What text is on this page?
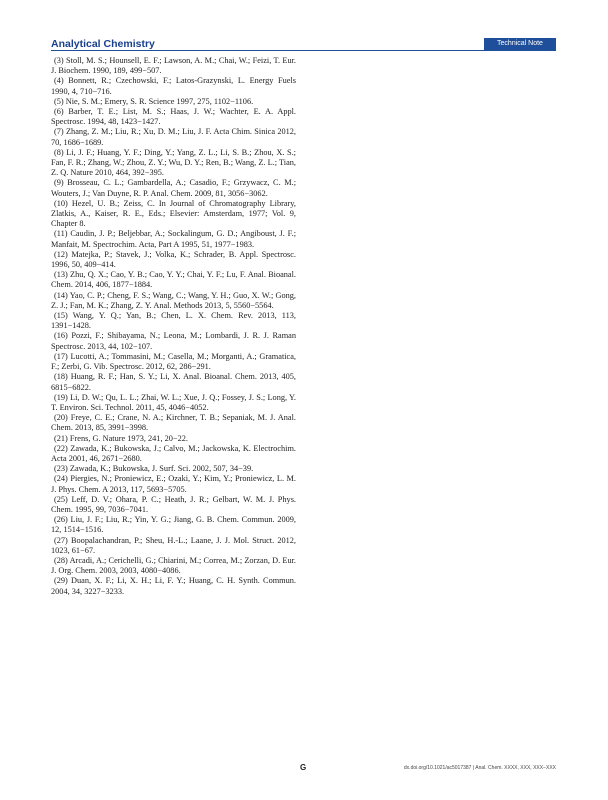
Analytical Chemistry	Technical Note

(3) Stoll, M. S.; Hounsell, E. F.; Lawson, A. M.; Chai, W.; Feizi, T. Eur. J. Biochem. 1990, 189, 499−507.

(4) Bonnett, R.; Czechowski, F.; Latos-Grazynski, L. Energy Fuels 1990, 4, 710−716.

(5) Nie, S. M.; Emery, S. R. Science 1997, 275, 1102−1106.

(6) Barber, T. E.; List, M. S.; Haas, J. W.; Wachter, E. A. Appl. Spectrosc. 1994, 48, 1423−1427.

(7) Zhang, Z. M.; Liu, R.; Xu, D. M.; Liu, J. F. Acta Chim. Sinica 2012, 70, 1686−1689.

(8) Li, J. F.; Huang, Y. F.; Ding, Y.; Yang, Z. L.; Li, S. B.; Zhou, X. S.; Fan, F. R.; Zhang, W.; Zhou, Z. Y.; Wu, D. Y.; Ren, B.; Wang, Z. L.; Tian, Z. Q. Nature 2010, 464, 392−395.

(9) Brosseau, C. L.; Gambardella, A.; Casadio, F.; Grzywacz, C. M.; Wouters, J.; Van Duyne, R. P. Anal. Chem. 2009, 81, 3056−3062.

(10) Hezel, U. B.; Zeiss, C. In Journal of Chromatography Library, Zlatkis, A., Kaiser, R. E., Eds.; Elsevier: Amsterdam, 1977; Vol. 9, Chapter 8.

(11) Caudin, J. P.; Beljebbar, A.; Sockalingum, G. D.; Angiboust, J. F.; Manfait, M. Spectrochim. Acta, Part A 1995, 51, 1977−1983.

(12) Matejka, P.; Stavek, J.; Volka, K.; Schrader, B. Appl. Spectrosc. 1996, 50, 409−414.

(13) Zhu, Q. X.; Cao, Y. B.; Cao, Y. Y.; Chai, Y. F.; Lu, F. Anal. Bioanal. Chem. 2014, 406, 1877−1884.

(14) Yao, C. P.; Cheng, F. S.; Wang, C.; Wang, Y. H.; Guo, X. W.; Gong, Z. J.; Fan, M. K.; Zhang, Z. Y. Anal. Methods 2013, 5, 5560−5564.

(15) Wang, Y. Q.; Yan, B.; Chen, L. X. Chem. Rev. 2013, 113, 1391−1428.

(16) Pozzi, F.; Shibayama, N.; Leona, M.; Lombardi, J. R. J. Raman Spectrosc. 2013, 44, 102−107.

(17) Lucotti, A.; Tommasini, M.; Casella, M.; Morganti, A.; Gramatica, F.; Zerbi, G. Vib. Spectrosc. 2012, 62, 286−291.

(18) Huang, R. F.; Han, S. Y.; Li, X. Anal. Bioanal. Chem. 2013, 405, 6815−6822.

(19) Li, D. W.; Qu, L. L.; Zhai, W. L.; Xue, J. Q.; Fossey, J. S.; Long, Y. T. Environ. Sci. Technol. 2011, 45, 4046−4052.

(20) Freye, C. E.; Crane, N. A.; Kirchner, T. B.; Sepaniak, M. J. Anal. Chem. 2013, 85, 3991−3998.

(21) Frens, G. Nature 1973, 241, 20−22.

(22) Zawada, K.; Bukowska, J.; Calvo, M.; Jackowska, K. Electrochim. Acta 2001, 46, 2671−2680.

(23) Zawada, K.; Bukowska, J. Surf. Sci. 2002, 507, 34−39.

(24) Piergies, N.; Proniewicz, E.; Ozaki, Y.; Kim, Y.; Proniewicz, L. M. J. Phys. Chem. A 2013, 117, 5693−5705.

(25) Leff, D. V.; Ohara, P. C.; Heath, J. R.; Gelbart, W. M. J. Phys. Chem. 1995, 99, 7036−7041.

(26) Liu, J. F.; Liu, R.; Yin, Y. G.; Jiang, G. B. Chem. Commun. 2009, 12, 1514−1516.

(27) Boopalachandran, P.; Sheu, H.-L.; Laane, J. J. Mol. Struct. 2012, 1023, 61−67.

(28) Arcadi, A.; Cerichelli, G.; Chiarini, M.; Correa, M.; Zorzan, D. Eur. J. Org. Chem. 2003, 2003, 4080−4086.

(29) Duan, X. F.; Li, X. H.; Li, F. Y.; Huang, C. H. Synth. Commun. 2004, 34, 3227−3233.

G	dx.doi.org/10.1021/ac5017387 | Anal. Chem. XXXX, XXX, XXX−XXX
